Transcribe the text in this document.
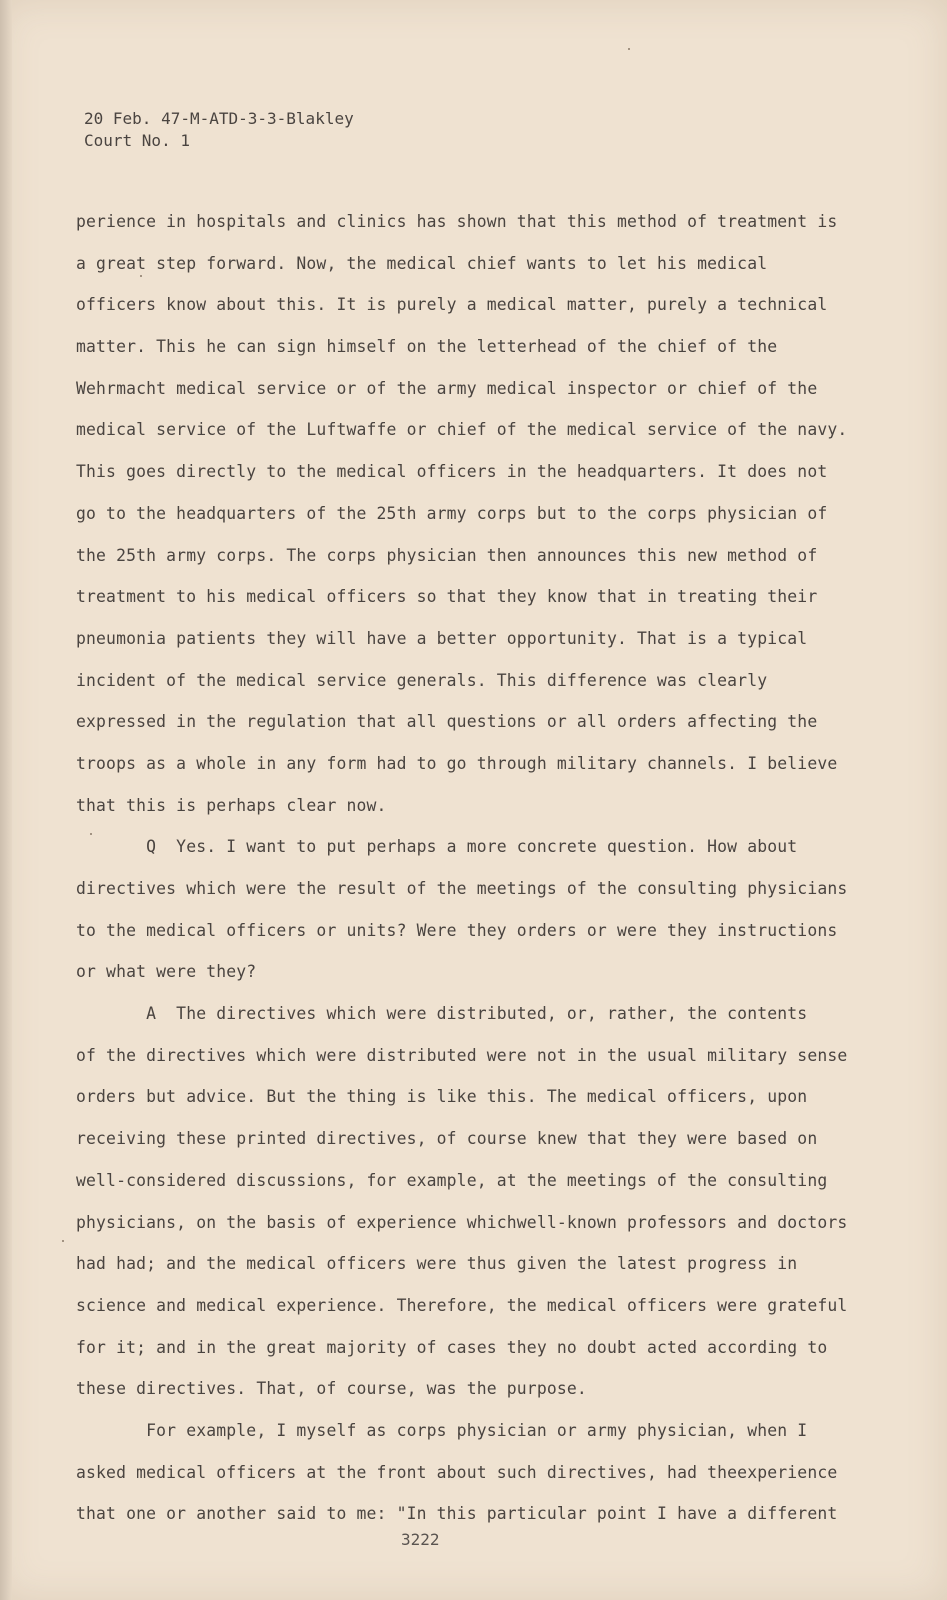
20 Feb. 47-M-ATD-3-3-Blakley
Court No. 1
perience in hospitals and clinics has shown that this method of treatment is
a great step forward. Now, the medical chief wants to let his medical
officers know about this. It is purely a medical matter, purely a technical
matter. This he can sign himself on the letterhead of the chief of the
Wehrmacht medical service or of the army medical inspector or chief of the
medical service of the Luftwaffe or chief of the medical service of the navy.
This goes directly to the medical officers in the headquarters. It does not
go to the headquarters of the 25th army corps but to the corps physician of
the 25th army corps. The corps physician then announces this new method of
treatment to his medical officers so that they know that in treating their
pneumonia patients they will have a better opportunity. That is a typical
incident of the medical service generals. This difference was clearly
expressed in the regulation that all questions or all orders affecting the
troops as a whole in any form had to go through military channels. I believe
that this is perhaps clear now.
Q  Yes. I want to put perhaps a more concrete question. How about
directives which were the result of the meetings of the consulting physicians
to the medical officers or units? Were they orders or were they instructions
or what were they?
A  The directives which were distributed, or, rather, the contents
of the directives which were distributed were not in the usual military sense
orders but advice. But the thing is like this. The medical officers, upon
receiving these printed directives, of course knew that they were based on
well-considered discussions, for example, at the meetings of the consulting
physicians, on the basis of experience whichwell-known professors and doctors
had had; and the medical officers were thus given the latest progress in
science and medical experience. Therefore, the medical officers were grateful
for it; and in the great majority of cases they no doubt acted according to
these directives. That, of course, was the purpose.
For example, I myself as corps physician or army physician, when I
asked medical officers at the front about such directives, had theexperience
that one or another said to me: "In this particular point I have a different
3222
